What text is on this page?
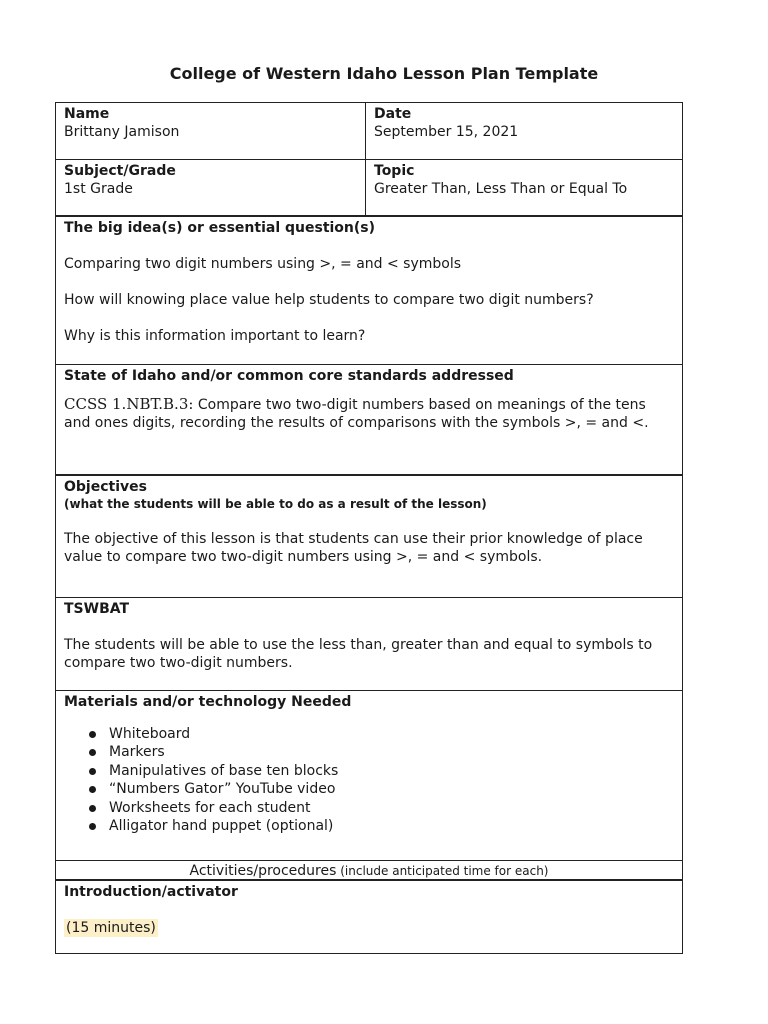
College of Western Idaho Lesson Plan Template
Name
Brittany Jamison
Date
September 15, 2021
Subject/Grade
1st Grade
Topic
Greater Than, Less Than or Equal To
The big idea(s) or essential question(s)

Comparing two digit numbers using >, = and < symbols

How will knowing place value help students to compare two digit numbers?

Why is this information important to learn?

State of Idaho and/or common core standards addressed

CCSS 1.NBT.B.3: Compare two two-digit numbers based on meanings of the tens and ones digits, recording the results of comparisons with the symbols >, = and <.

Objectives
(what the students will be able to do as a result of the lesson)

The objective of this lesson is that students can use their prior knowledge of place value to compare two two-digit numbers using >, = and < symbols.

TSWBAT

The students will be able to use the less than, greater than and equal to symbols to compare two two-digit numbers.

Materials and/or technology Needed
Whiteboard
Markers
Manipulatives of base ten blocks
“Numbers Gator” YouTube video
Worksheets for each student
Alligator hand puppet (optional)
Activities/procedures (include anticipated time for each)
Introduction/activator

(15 minutes)
